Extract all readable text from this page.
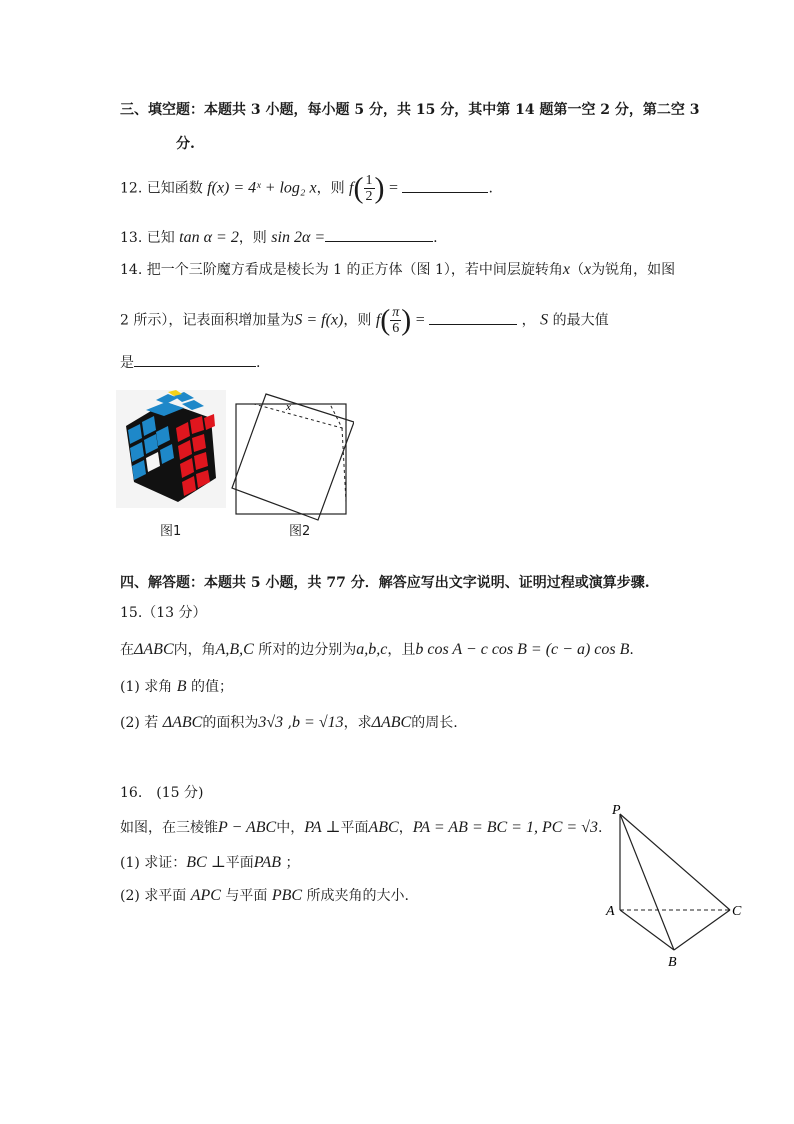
三、填空题：本题共 3 小题，每小题 5 分，共 15 分，其中第 14 题第一空 2 分，第二空 3
分.
12. 已知函数 f(x) = 4ˣ + log₂ x，则 $f( \frac{1}{2}$ ) =	.
13. 已知 tan α = 2，则 sin 2α =	.
14. 把一个三阶魔方看成是棱长为 1 的正方体（图 1），若中间层旋转角x（x为锐角，如图
2 所示），记表面积增加量为S = f(x)，则 $f( \frac{\pi}{6}$ ) =	， S 的最大值
是	.
x
图1	图2
四、解答题：本题共 5 小题，共 77 分．解答应写出文字说明、证明过程或演算步骤.
15.（13 分）
在ΔABC内，角A,B,C 所对的边分别为a,b,c，且b cos A − c cos B = (c − a) cos B.
(1) 求角 B 的值；
(2) 若 ΔABC的面积为3√3 ,b = √13，求ΔABC的周长.
16.　(15 分)
如图，在三棱锥P − ABC中，PA ⊥平面ABC，PA = AB = BC = 1, PC = √3.
(1) 求证：BC ⊥平面PAB ；
(2) 求平面 APC 与平面 PBC 所成夹角的大小.
P
A
B
C
